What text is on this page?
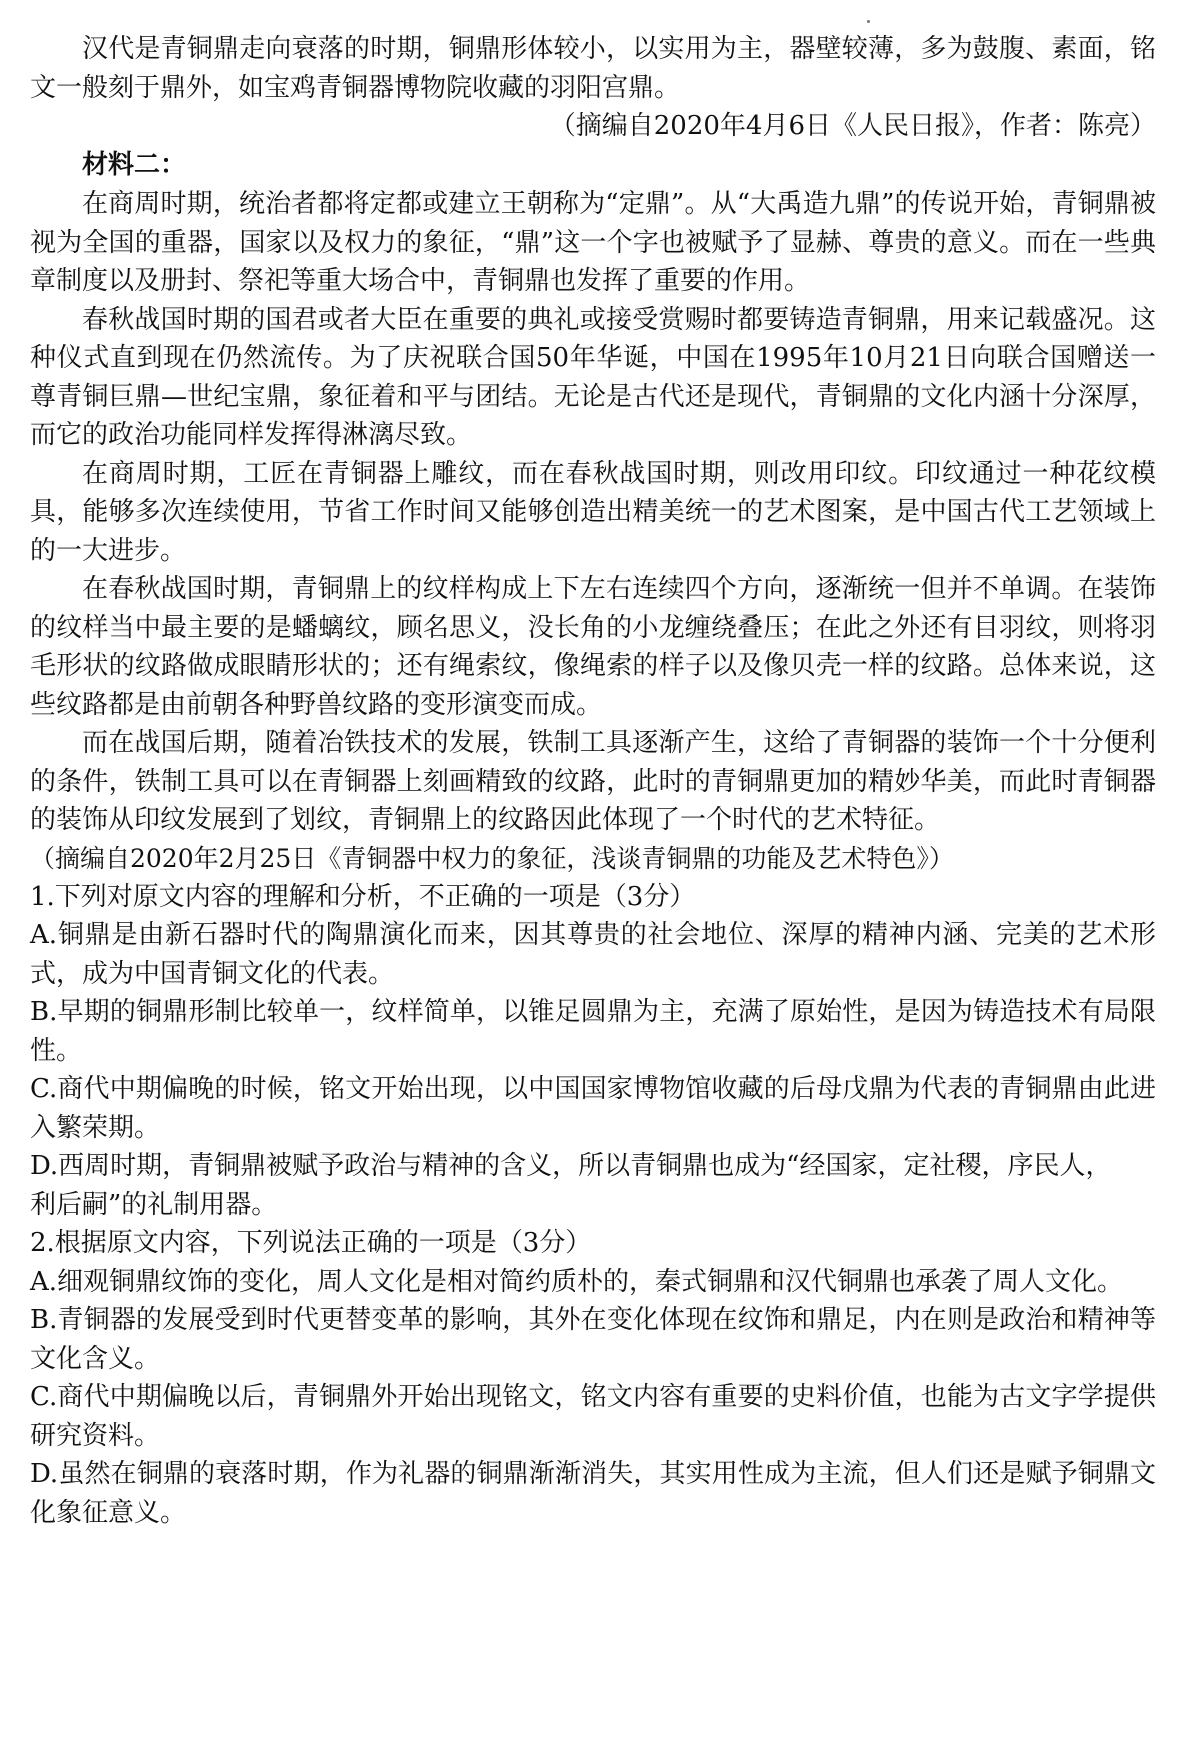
汉代是青铜鼎走向衰落的时期，铜鼎形体较小，以实用为主，器壁较薄，多为鼓腹、素面，铭文一般刻于鼎外，如宝鸡青铜器博物院收藏的羽阳宫鼎。

（摘编自2020年4月6日《人民日报》，作者：陈亮）

材料二：

在商周时期，统治者都将定都或建立王朝称为“定鼎”。从“大禹造九鼎”的传说开始，青铜鼎被视为全国的重器，国家以及权力的象征，“鼎”这一个字也被赋予了显赫、尊贵的意义。而在一些典章制度以及册封、祭祀等重大场合中，青铜鼎也发挥了重要的作用。

春秋战国时期的国君或者大臣在重要的典礼或接受赏赐时都要铸造青铜鼎，用来记载盛况。这种仪式直到现在仍然流传。为了庆祝联合国50年华诞，中国在1995年10月21日向联合国赠送一尊青铜巨鼎—世纪宝鼎，象征着和平与团结。无论是古代还是现代，青铜鼎的文化内涵十分深厚，而它的政治功能同样发挥得淋漓尽致。

在商周时期，工匠在青铜器上雕纹，而在春秋战国时期，则改用印纹。印纹通过一种花纹模具，能够多次连续使用，节省工作时间又能够创造出精美统一的艺术图案，是中国古代工艺领域上的一大进步。

在春秋战国时期，青铜鼎上的纹样构成上下左右连续四个方向，逐渐统一但并不单调。在装饰的纹样当中最主要的是蟠螭纹，顾名思义，没长角的小龙缠绕叠压；在此之外还有目羽纹，则将羽毛形状的纹路做成眼睛形状的；还有绳索纹，像绳索的样子以及像贝壳一样的纹路。总体来说，这些纹路都是由前朝各种野兽纹路的变形演变而成。

而在战国后期，随着冶铁技术的发展，铁制工具逐渐产生，这给了青铜器的装饰一个十分便利的条件，铁制工具可以在青铜器上刻画精致的纹路，此时的青铜鼎更加的精妙华美，而此时青铜器的装饰从印纹发展到了划纹，青铜鼎上的纹路因此体现了一个时代的艺术特征。

（摘编自2020年2月25日《青铜器中权力的象征，浅谈青铜鼎的功能及艺术特色》）

1.下列对原文内容的理解和分析，不正确的一项是（3分）

A.铜鼎是由新石器时代的陶鼎演化而来，因其尊贵的社会地位、深厚的精神内涵、完美的艺术形式，成为中国青铜文化的代表。

B.早期的铜鼎形制比较单一，纹样简单，以锥足圆鼎为主，充满了原始性，是因为铸造技术有局限性。

C.商代中期偏晚的时候，铭文开始出现，以中国国家博物馆收藏的后母戊鼎为代表的青铜鼎由此进入繁荣期。

D.西周时期，青铜鼎被赋予政治与精神的含义，所以青铜鼎也成为“经国家，定社稷，序民人，

利后嗣”的礼制用器。

2.根据原文内容，下列说法正确的一项是（3分）

A.细观铜鼎纹饰的变化，周人文化是相对简约质朴的，秦式铜鼎和汉代铜鼎也承袭了周人文化。

B.青铜器的发展受到时代更替变革的影响，其外在变化体现在纹饰和鼎足，内在则是政治和精神等文化含义。

C.商代中期偏晚以后，青铜鼎外开始出现铭文，铭文内容有重要的史料价值，也能为古文字学提供研究资料。

D.虽然在铜鼎的衰落时期，作为礼器的铜鼎渐渐消失，其实用性成为主流，但人们还是赋予铜鼎文化象征意义。
